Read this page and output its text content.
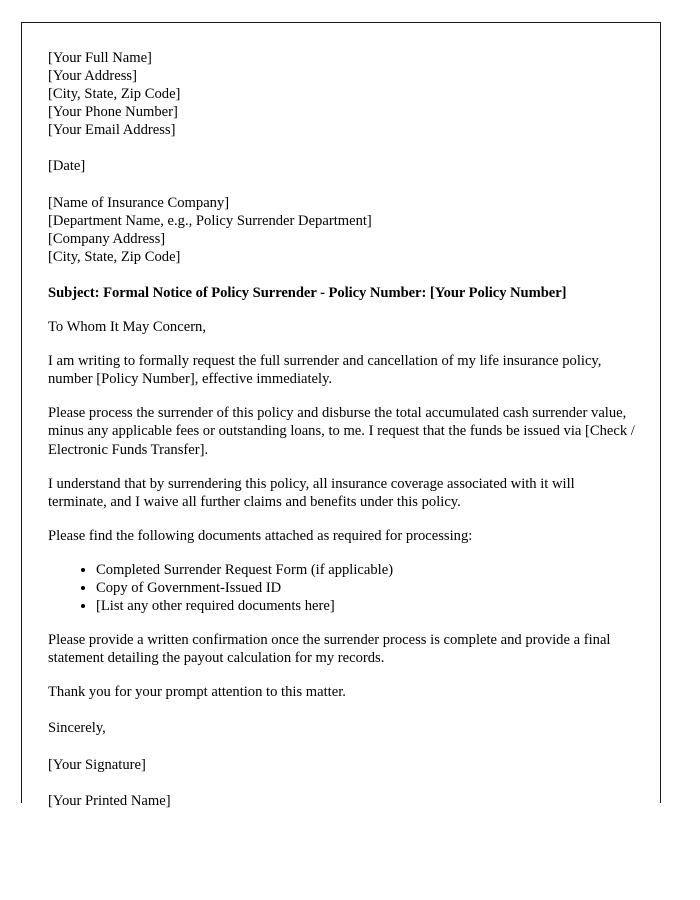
[Your Full Name]
[Your Address]
[City, State, Zip Code]
[Your Phone Number]
[Your Email Address]

[Date]

[Name of Insurance Company]
[Department Name, e.g., Policy Surrender Department]
[Company Address]
[City, State, Zip Code]

Subject: Formal Notice of Policy Surrender - Policy Number: [Your Policy Number]

To Whom It May Concern,

I am writing to formally request the full surrender and cancellation of my life insurance policy, number [Policy Number], effective immediately.

Please process the surrender of this policy and disburse the total accumulated cash surrender value, minus any applicable fees or outstanding loans, to me. I request that the funds be issued via [Check / Electronic Funds Transfer].

I understand that by surrendering this policy, all insurance coverage associated with it will terminate, and I waive all further claims and benefits under this policy.

Please find the following documents attached as required for processing:

• Completed Surrender Request Form (if applicable)
• Copy of Government-Issued ID
• [List any other required documents here]

Please provide a written confirmation once the surrender process is complete and provide a final statement detailing the payout calculation for my records.

Thank you for your prompt attention to this matter.

Sincerely,

[Your Signature]

[Your Printed Name]
